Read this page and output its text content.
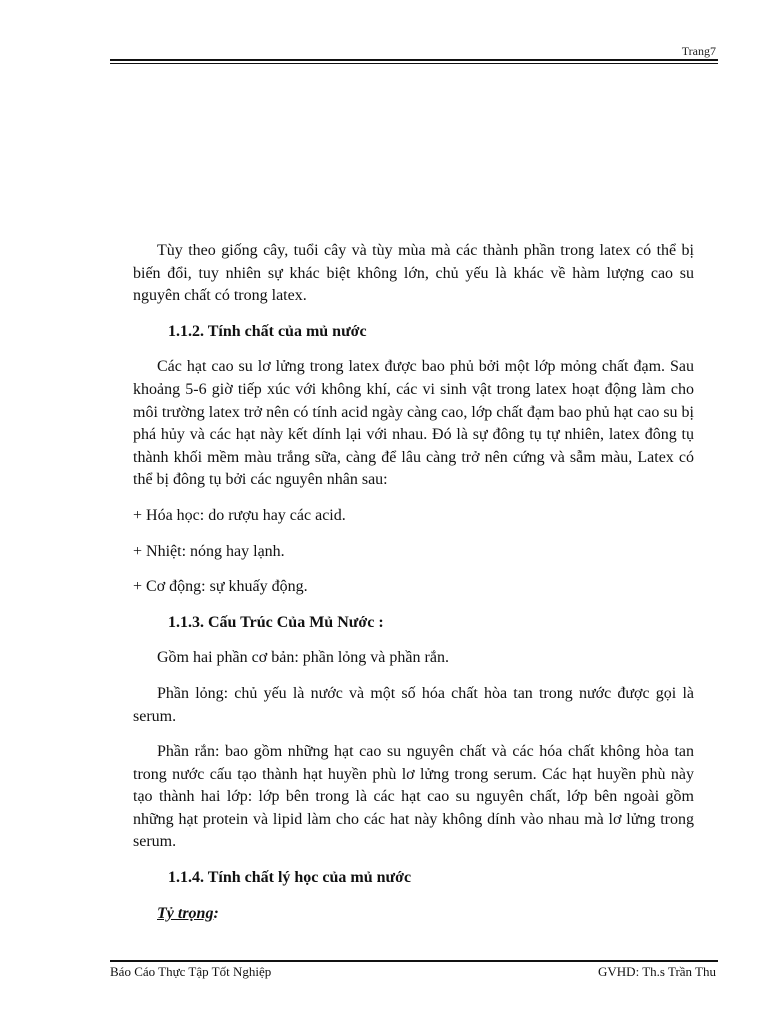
Trang7

Tùy theo giống cây, tuổi cây và tùy mùa mà các thành phần trong latex có thể bị biến đổi, tuy nhiên sự khác biệt không lớn, chủ yếu là khác về hàm lượng cao su nguyên chất có trong latex.

1.1.2. Tính chất của mủ nước

Các hạt cao su lơ lửng trong latex được bao phủ bởi một lớp mỏng chất đạm. Sau khoảng 5-6 giờ tiếp xúc với không khí, các vi sinh vật trong latex hoạt động làm cho môi trường latex trở nên có tính acid ngày càng cao, lớp chất đạm bao phủ hạt cao su bị phá hủy và các hạt này kết dính lại với nhau. Đó là sự đông tụ tự nhiên, latex đông tụ thành khối mềm màu trắng sữa, càng để lâu càng trở nên cứng và sẫm màu, Latex có thể bị đông tụ bởi các nguyên nhân sau:

+ Hóa học: do rượu hay các acid.

+ Nhiệt: nóng hay lạnh.

+ Cơ động: sự khuấy động.

1.1.3. Cấu Trúc Của Mủ Nước :

Gồm hai phần cơ bản: phần lỏng và phần rắn.

Phần lỏng: chủ yếu là nước và một số hóa chất hòa tan trong nước được gọi là serum.

Phần rắn: bao gồm những hạt cao su nguyên chất và các hóa chất không hòa tan trong nước cấu tạo thành hạt huyền phù lơ lửng trong serum. Các hạt huyền phù này tạo thành hai lớp: lớp bên trong là các hạt cao su nguyên chất, lớp bên ngoài gồm những hạt protein và lipid làm cho các hat này không dính vào nhau mà lơ lửng trong serum.

1.1.4. Tính chất lý học của mủ nước
Tỷ trọng:
Báo Cáo Thực Tập Tốt Nghiệp	GVHD: Th.s Trần Thu
